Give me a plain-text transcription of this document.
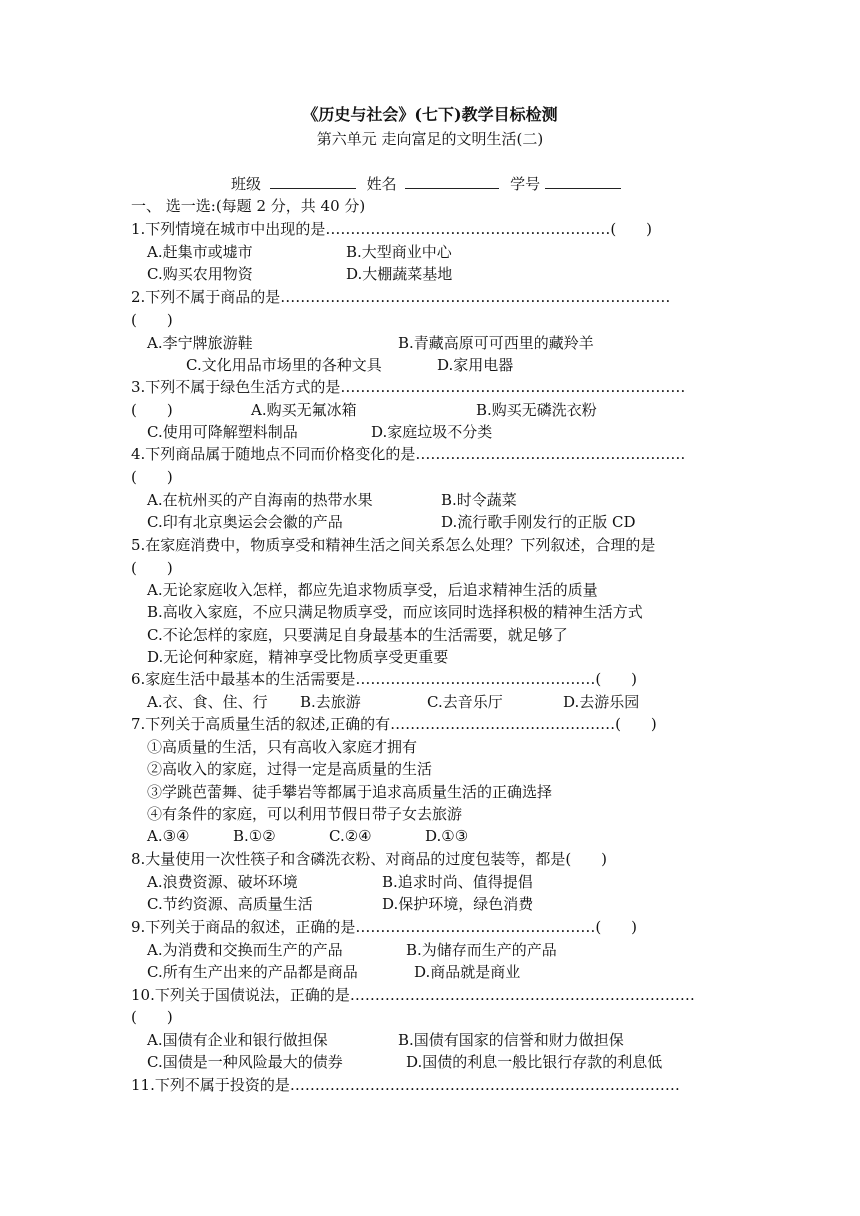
《历史与社会》(七下)教学目标检测
第六单元 走向富足的文明生活(二)
班级	姓名	学号
一、 选一选:(每题 2 分，共 40 分)
1.下列情境在城市中出现的是…………………………………………………(　　)
A.赶集市或墟市	B.大型商业中心
C.购买农用物资	D.大棚蔬菜基地
2.下列不属于商品的是……………………………………………………………………
(　　)
A.李宁牌旅游鞋	B.青藏高原可可西里的藏羚羊
C.文化用品市场里的各种文具	D.家用电器
3.下列不属于绿色生活方式的是……………………………………………………………
(　　)	A.购买无氟冰箱	B.购买无磷洗衣粉
C.使用可降解塑料制品	D.家庭垃圾不分类
4.下列商品属于随地点不同而价格变化的是………………………………………………
(　　)
A.在杭州买的产自海南的热带水果	B.时令蔬菜
C.印有北京奥运会会徽的产品	D.流行歌手刚发行的正版 CD
5.在家庭消费中，物质享受和精神生活之间关系怎么处理？下列叙述，合理的是
(　　)
A.无论家庭收入怎样，都应先追求物质享受，后追求精神生活的质量
B.高收入家庭，不应只满足物质享受，而应该同时选择积极的精神生活方式
C.不论怎样的家庭，只要满足自身最基本的生活需要，就足够了
D.无论何种家庭，精神享受比物质享受更重要
6.家庭生活中最基本的生活需要是…………………………………………(　　)
A.衣、食、住、行 B.去旅游	C.去音乐厅	D.去游乐园
7.下列关于高质量生活的叙述,正确的有………………………………………(　　)
①高质量的生活，只有高收入家庭才拥有
②高收入的家庭，过得一定是高质量的生活
③学跳芭蕾舞、徒手攀岩等都属于追求高质量生活的正确选择
④有条件的家庭，可以利用节假日带子女去旅游
A.③④	B.①②	C.②④	D.①③
8.大量使用一次性筷子和含磷洗衣粉、对商品的过度包装等，都是(　　)
A.浪费资源、破坏环境	B.追求时尚、值得提倡
C.节约资源、高质量生活	D.保护环境，绿色消费
9.下列关于商品的叙述，正确的是…………………………………………(　　)
A.为消费和交换而生产的产品	B.为储存而生产的产品
C.所有生产出来的产品都是商品	D.商品就是商业
10.下列关于国债说法，正确的是……………………………………………………………
(　　)
A.国债有企业和银行做担保	B.国债有国家的信誉和财力做担保
C.国债是一种风险最大的债券	D.国债的利息一般比银行存款的利息低
11.下列不属于投资的是……………………………………………………………………
